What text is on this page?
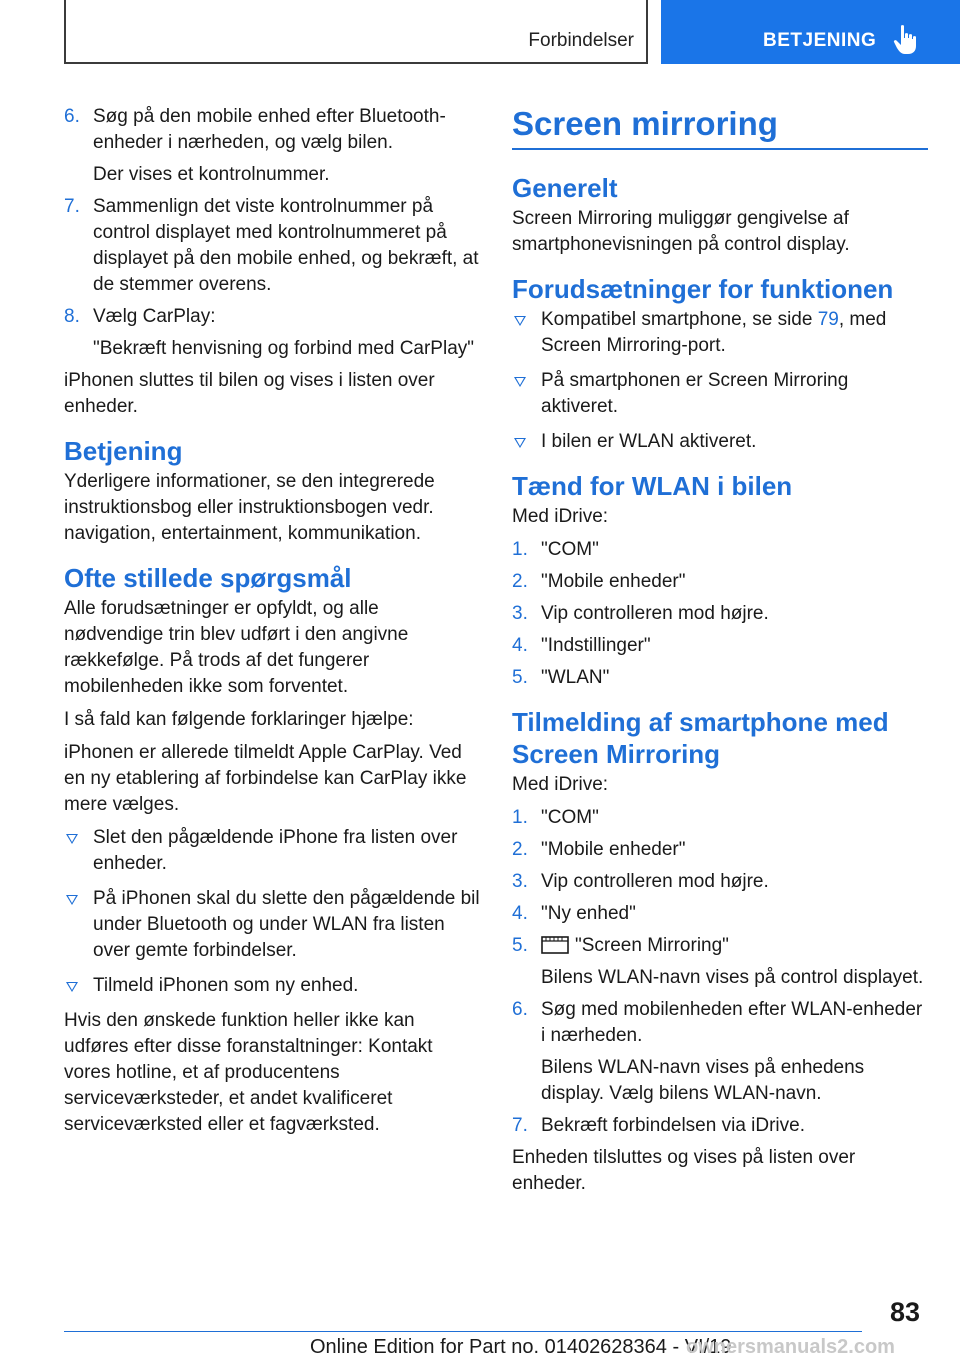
Forbindelser	BETJENING
6. Søg på den mobile enhed efter Bluetooth-enheder i nærheden, og vælg bilen.
Der vises et kontrolnummer.
7. Sammenlign det viste kontrolnummer på control displayet med kontrolnummeret på displayet på den mobile enhed, og bekræft, at de stemmer overens.
8. Vælg CarPlay:
"Bekræft henvisning og forbind med CarPlay"

iPhonen sluttes til bilen og vises i listen over enheder.

Betjening

Yderligere informationer, se den integrerede instruktionsbog eller instruktionsbogen vedr. navigation, entertainment, kommunikation.

Ofte stillede spørgsmål

Alle forudsætninger er opfyldt, og alle nødvendige trin blev udført i den angivne rækkefølge. På trods af det fungerer mobilenheden ikke som forventet.

I så fald kan følgende forklaringer hjælpe:

iPhonen er allerede tilmeldt Apple CarPlay. Ved en ny etablering af forbindelse kan CarPlay ikke mere vælges.

Slet den pågældende iPhone fra listen over enheder.
På iPhonen skal du slette den pågældende bil under Bluetooth og under WLAN fra listen over gemte forbindelser.
Tilmeld iPhonen som ny enhed.

Hvis den ønskede funktion heller ikke kan udføres efter disse foranstaltninger: Kontakt vores hotline, et af producentens serviceværksteder, et andet kvalificeret serviceværksted eller et fagværksted.

Screen mirroring
Generelt

Screen Mirroring muliggør gengivelse af smartphonevisningen på control display.

Forudsætninger for funktionen
Kompatibel smartphone, se side 79, med Screen Mirroring-port.
På smartphonen er Screen Mirroring aktiveret.
I bilen er WLAN aktiveret.
Tænd for WLAN i bilen

Med iDrive:

1. "COM"
2. "Mobile enheder"
3. Vip controlleren mod højre.
4. "Indstillinger"
5. "WLAN"
Tilmelding af smartphone med Screen Mirroring

Med iDrive:

1. "COM"
2. "Mobile enheder"
3. Vip controlleren mod højre.
4. "Ny enhed"
5. "Screen Mirroring"
Bilens WLAN-navn vises på control displayet.
6. Søg med mobilenheden efter WLAN-enheder i nærheden.
Bilens WLAN-navn vises på enhedens display. Vælg bilens WLAN-navn.
7. Bekræft forbindelsen via iDrive.

Enheden tilsluttes og vises på listen over enheder.

83
Online Edition for Part no. 01402628364 - VI/19
ownersmanuals2.com
